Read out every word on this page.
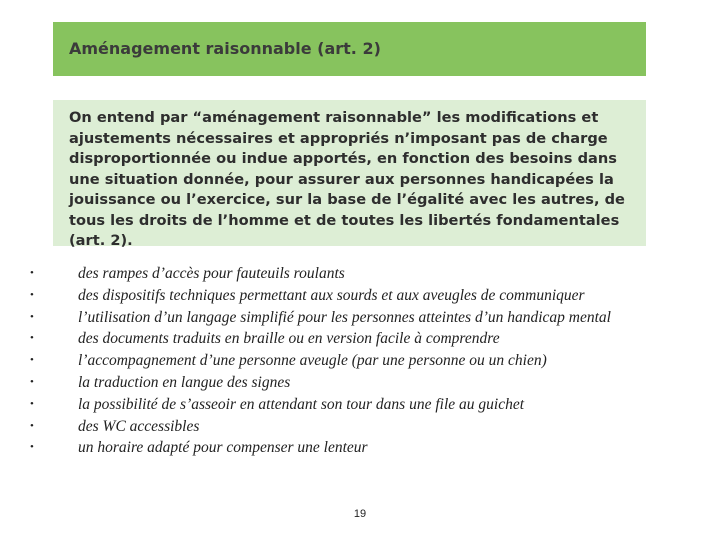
Aménagement raisonnable (art. 2)

On entend par “aménagement raisonnable” les modifications et ajustements nécessaires et appropriés n’imposant pas de charge disproportionnée ou indue apportés, en fonction des besoins dans une situation donnée, pour assurer aux personnes handicapées la jouissance ou l’exercice, sur la base de l’égalité avec les autres, de tous les droits de l’homme et de toutes les libertés fondamentales (art. 2).

•	des rampes d’accès pour fauteuils roulants
•	des dispositifs techniques permettant aux sourds et aux aveugles de communiquer
•	l’utilisation d’un langage simplifié pour les personnes atteintes d’un handicap mental
•	des documents traduits en braille ou en version facile à comprendre
•	l’accompagnement d’une personne aveugle (par une personne ou un chien)
•	la traduction en langue des signes
•	la possibilité de s’asseoir en attendant son tour dans une file au guichet
•	des WC accessibles
•	un horaire adapté pour compenser une lenteur
19
